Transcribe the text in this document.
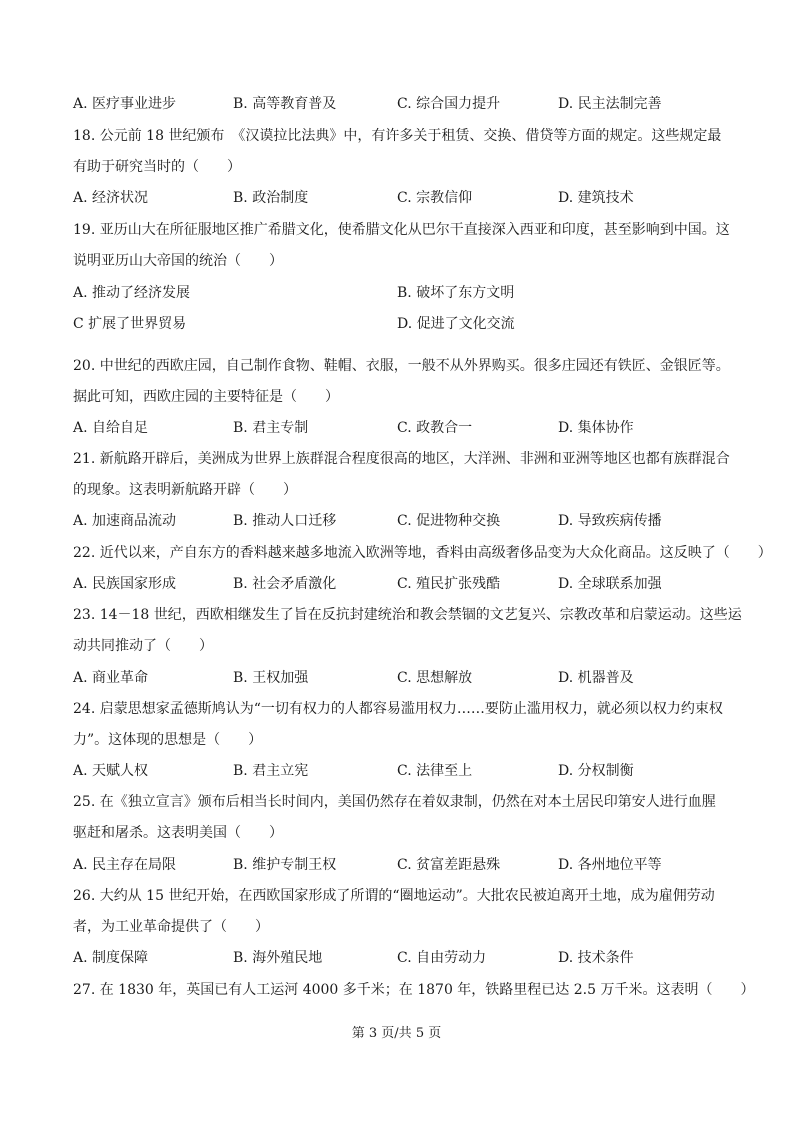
A. 医疗事业进步	B. 高等教育普及	C. 综合国力提升	D. 民主法制完善
18. 公元前 18 世纪颁布　《汉谟拉比法典》中，有许多关于租赁、交换、借贷等方面的规定。这些规定最
有助于研究当时的（　　）
A. 经济状况	B. 政治制度	C. 宗教信仰	D. 建筑技术
19. 亚历山大在所征服地区推广希腊文化，使希腊文化从巴尔干直接深入西亚和印度，甚至影响到中国。这
说明亚历山大帝国的统治（　　）
A. 推动了经济发展	B. 破坏了东方文明
C 扩展了世界贸易	D. 促进了文化交流
20. 中世纪的西欧庄园，自己制作食物、鞋帽、衣服，一般不从外界购买。很多庄园还有铁匠、金银匠等。
据此可知，西欧庄园的主要特征是（　　）
A. 自给自足	B. 君主专制	C. 政教合一	D. 集体协作
21. 新航路开辟后，美洲成为世界上族群混合程度很高的地区，大洋洲、非洲和亚洲等地区也都有族群混合
的现象。这表明新航路开辟（　　）
A. 加速商品流动	B. 推动人口迁移	C. 促进物种交换	D. 导致疾病传播
22. 近代以来，产自东方的香料越来越多地流入欧洲等地，香料由高级奢侈品变为大众化商品。这反映了（　　）
A. 民族国家形成	B. 社会矛盾激化	C. 殖民扩张残酷	D. 全球联系加强
23. 14－18 世纪，西欧相继发生了旨在反抗封建统治和教会禁锢的文艺复兴、宗教改革和启蒙运动。这些运
动共同推动了（　　）
A. 商业革命	B. 王权加强	C. 思想解放	D. 机器普及
24. 启蒙思想家孟德斯鸠认为“一切有权力的人都容易滥用权力……要防止滥用权力，就必须以权力约束权
力”。这体现的思想是（　　）
A. 天赋人权	B. 君主立宪	C. 法律至上	D. 分权制衡
25. 在《独立宣言》颁布后相当长时间内，美国仍然存在着奴隶制，仍然在对本土居民印第安人进行血腥
驱赶和屠杀。这表明美国（　　）
A. 民主存在局限	B. 维护专制王权	C. 贫富差距悬殊	D. 各州地位平等
26. 大约从 15 世纪开始，在西欧国家形成了所谓的“圈地运动”。大批农民被迫离开土地，成为雇佣劳动
者，为工业革命提供了（　　）
A. 制度保障	B. 海外殖民地	C. 自由劳动力	D. 技术条件
27. 在 1830 年，英国已有人工运河 4000 多千米；在 1870 年，铁路里程已达 2.5 万千米。这表明（　　）
第 3 页/共 5 页
